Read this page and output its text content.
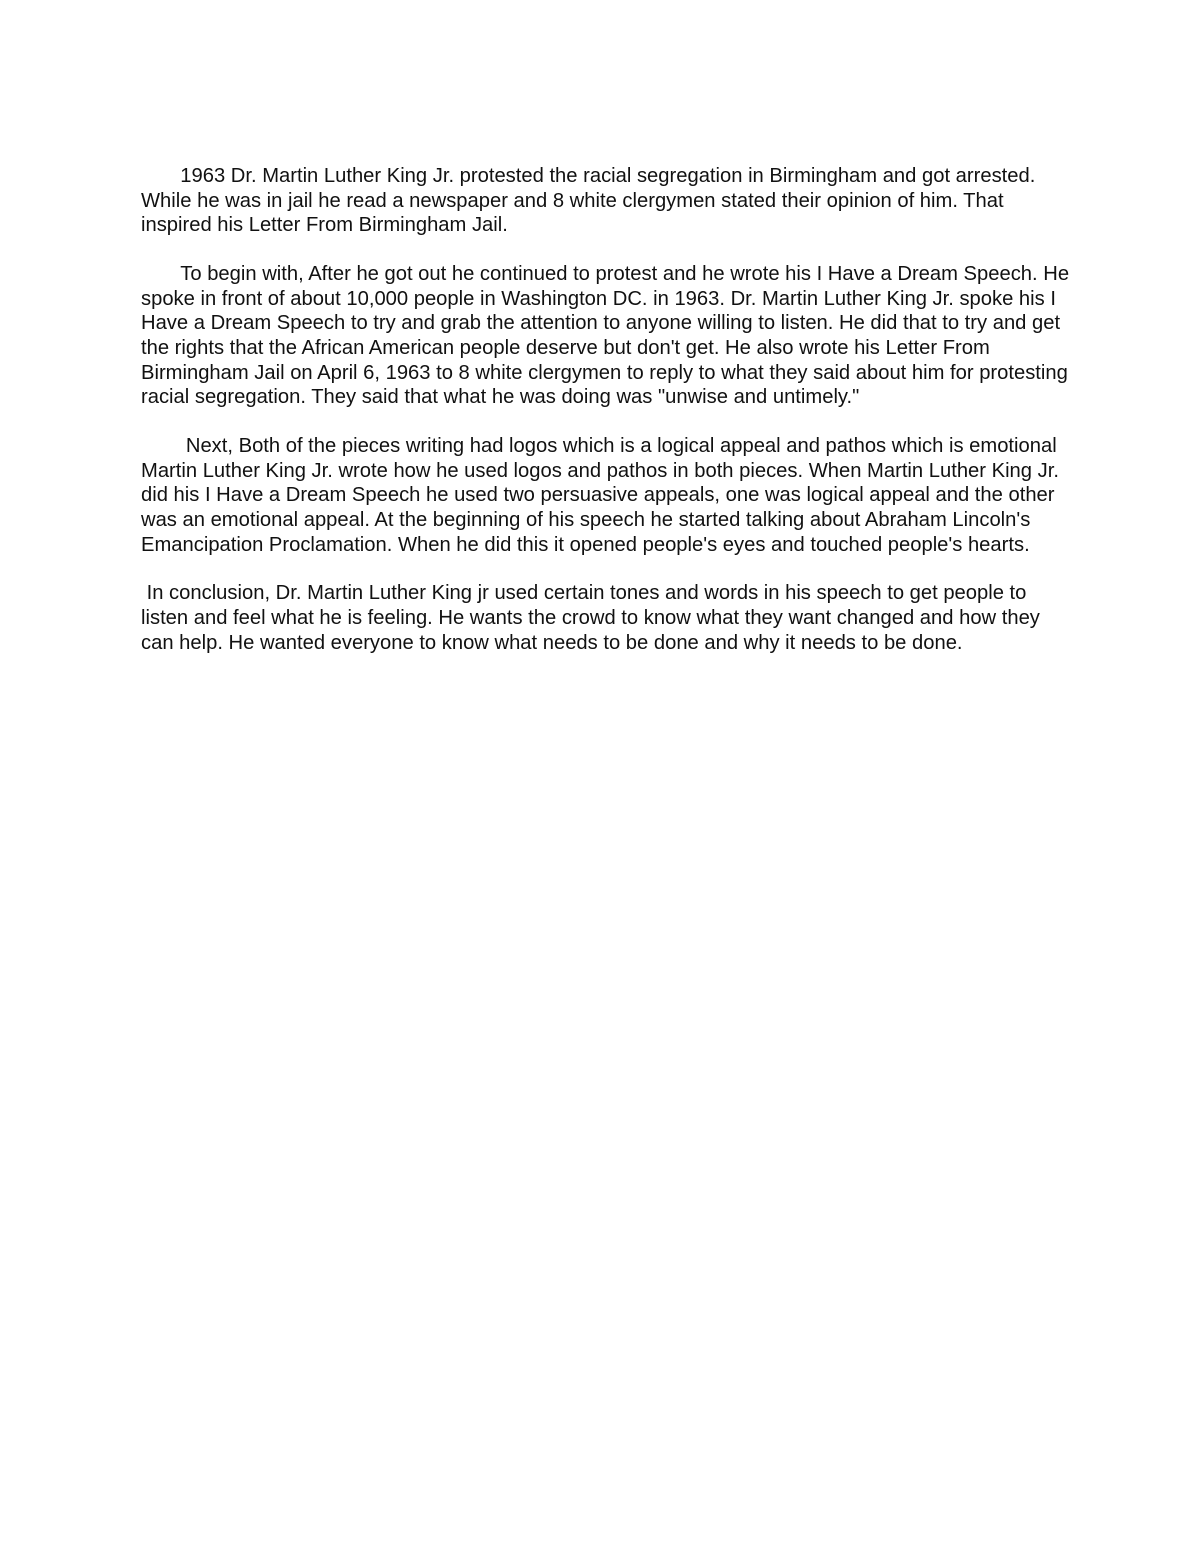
1963 Dr. Martin Luther King Jr. protested the racial segregation in Birmingham and got arrested. While he was in jail he read a newspaper and 8 white clergymen stated their opinion of him. That inspired his Letter From Birmingham Jail.

To begin with, After he got out he continued to protest and he wrote his I Have a Dream Speech. He spoke in front of about 10,000 people in Washington DC. in 1963. Dr. Martin Luther King Jr. spoke his I Have a Dream Speech to try and grab the attention to anyone willing to listen. He did that to try and get the rights that the African American people deserve but don't get. He also wrote his Letter From Birmingham Jail on April 6, 1963 to 8 white clergymen to reply to what they said about him for protesting racial segregation. They said that what he was doing was "unwise and untimely."

Next, Both of the pieces writing had logos which is a logical appeal and pathos which is emotional Martin Luther King Jr. wrote how he used logos and pathos in both pieces. When Martin Luther King Jr. did his I Have a Dream Speech he used two persuasive appeals, one was logical appeal and the other was an emotional appeal. At the beginning of his speech he started talking about Abraham Lincoln's Emancipation Proclamation. When he did this it opened people's eyes and touched people's hearts.

In conclusion, Dr. Martin Luther King jr used certain tones and words in his speech to get people to listen and feel what he is feeling. He wants the crowd to know what they want changed and how they can help. He wanted everyone to know what needs to be done and why it needs to be done.
